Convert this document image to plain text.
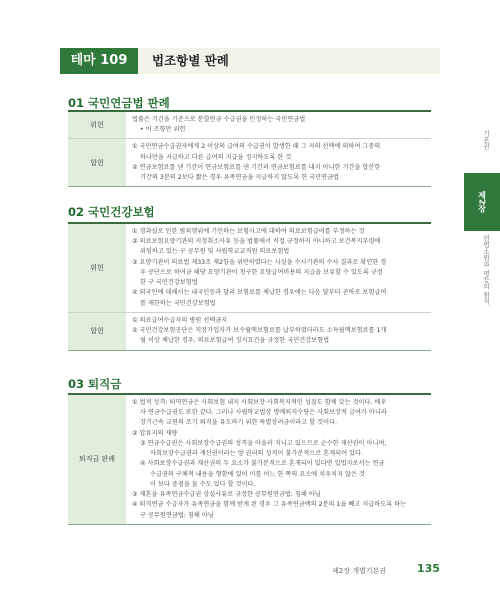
테마 109	법조항별 판례
01 국민연금법 판례
위헌
법률은 기간을 기준으로 분할연금 수급권을 인정하는 국민연금법
• 이 조항만 위헌
합헌
① 국민연금수급권자에게 2 이상의 급여의 수급권이 발생한 때 그 자의 선택에 의하여 그중의
하나만을 지급하고 다른 급여의 지급을 정지하도록 한 것
② 연금보험료를 낸 기간이 연금보험료를 낸 기간과 연금보험료를 내지 아니한 기간을 합산한
기간의 3분의 2보다 짧은 경우 유족연금을 지급하지 않도록 한 국민연금법
02 국민건강보험
위헌
① 경과실로 인한 범죄행위에 기인하는 보험사고에 대하여 의료보험급여를 부정하는 것
② 의료보험요양기관의 지정취소사유 등을 법률에서 직접 규정하지 아니하고 보건복지부령에
위임하고 있는 구 공무원 및 사립학교교직원 의료보험법
③ 요양기관이 의료법 제33조 제2항을 위반하였다는 사실을 수사기관의 수사 결과로 확인한 경
우 공단으로 하여금 해당 요양기관이 청구한 요양급여비용의 지급을 보류할 수 있도록 규정
한 구 국민건강보험법
④ 외국인에 대해서는 내국인등과 달리 보험료를 체납한 경우에는 다음 달부터 곧바로 보험급여
를 제한하는 국민건강보험법
합헌
① 의료급여수급자의 병원 선택금지
② 국민건강보험공단은 직장가입자가 보수월액보험료를 납부하였더라도 소득월액보험료를 1개
월 이상 체납한 경우, 의료보험급여 징지요건을 규정한 국민건강보험법
03 퇴직금
퇴직금 판례
① 법적 성격: 퇴역연금은 사회보험 내지 사회보장·사회복지적인 성질도 함께 갖는 것이다. 배우
자 연금수급권도 또한 같다. 그러나 사립학교법상 명예퇴직수당은 사회보장적 급여가 아니라
장기근속 교원의 조기 퇴직을 유도하기 위한 특별장려금이라고 할 것이다.
② 압류지의 재량
③ 연금수급권은 사회보장수급권의 성격을 아울러 지니고 있으므로 순수한 재산권이 아니며,
사회보장수급권과 재산권이라는 양 권리의 성격이 불가분적으로 혼재되어 있다.
④ 사회보장수급권과 재산권의 두 요소가 불가분적으로 혼재되어 있다면 입법자로서는 연금
수급권의 구체적 내용을 형함에 있어 이를 어느 한 쪽의 요소에 치우치지 않은 것
이 보다 중점을 둘 수도 있다 할 것이다.
③ 재혼을 유족연금수급권 상실사유로 규정한 공무원연금법: 침해 아님
④ 퇴직연금 수급자가 유족연금을 함께 받게 된 경우 그 유족연금액의 2분의 1을 빼고 지급하도록 하는
구 공무원연금법: 침해 아님
기본권
제2장
헌법소원과 평등의 원칙
제2장 개별기본권	135
